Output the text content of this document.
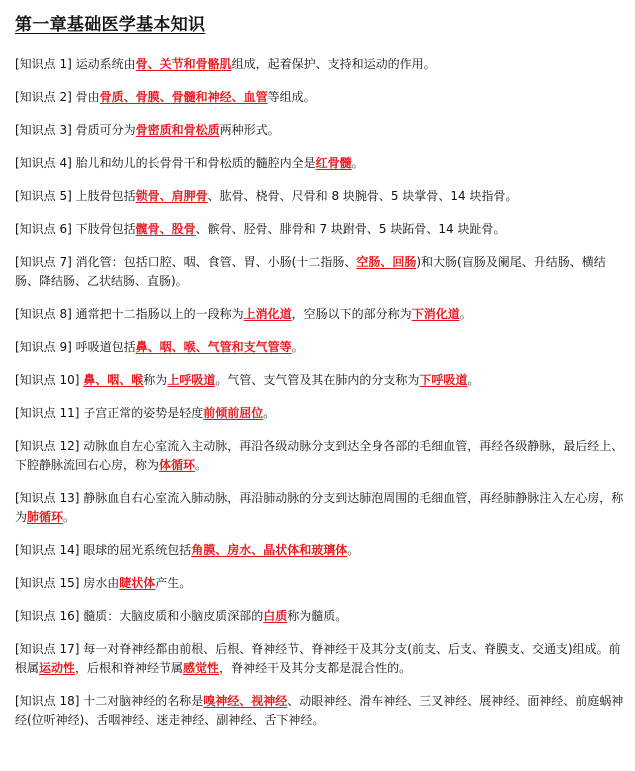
第一章基础医学基本知识
[知识点 1] 运动系统由骨、关节和骨骼肌组成，起着保护、支持和运动的作用。
[知识点 2] 骨由骨质、骨膜、骨髓和神经、血管等组成。
[知识点 3] 骨质可分为骨密质和骨松质两种形式。
[知识点 4] 胎儿和幼儿的长骨骨干和骨松质的髓腔内全是红骨髓。
[知识点 5] 上肢骨包括锁骨、肩胛骨、肱骨、桡骨、尺骨和 8 块腕骨、5 块掌骨、14 块指骨。
[知识点 6] 下肢骨包括髋骨、股骨、髌骨、胫骨、腓骨和 7 块跗骨、5 块跖骨、14 块趾骨。
[知识点 7] 消化管：包括口腔、咽、食管、胃、小肠(十二指肠、空肠、回肠)和大肠(盲肠及阑尾、升结肠、横结肠、降结肠、乙状结肠、直肠)。
[知识点 8] 通常把十二指肠以上的一段称为上消化道，空肠以下的部分称为下消化道。
[知识点 9] 呼吸道包括鼻、咽、喉、气管和支气管等。
[知识点 10] 鼻、咽、喉称为上呼吸道。气管、支气管及其在肺内的分支称为下呼吸道。
[知识点 11] 子宫正常的姿势是轻度前倾前屈位。
[知识点 12] 动脉血自左心室流入主动脉，再沿各级动脉分支到达全身各部的毛细血管，再经各级静脉，最后经上、下腔静脉流回右心房，称为体循环。
[知识点 13] 静脉血自右心室流入肺动脉，再沿肺动脉的分支到达肺泡周围的毛细血管，再经肺静脉注入左心房，称为肺循环。
[知识点 14] 眼球的屈光系统包括角膜、房水、晶状体和玻璃体。
[知识点 15] 房水由睫状体产生。
[知识点 16] 髓质：大脑皮质和小脑皮质深部的白质称为髓质。
[知识点 17] 每一对脊神经都由前根、后根、脊神经节、脊神经干及其分支(前支、后支、脊膜支、交通支)组成。前根属运动性，后根和脊神经节属感觉性，脊神经干及其分支都是混合性的。
[知识点 18] 十二对脑神经的名称是嗅神经、视神经、动眼神经、滑车神经、三叉神经、展神经、面神经、前庭蜗神经(位听神经)、舌咽神经、迷走神经、副神经、舌下神经。
